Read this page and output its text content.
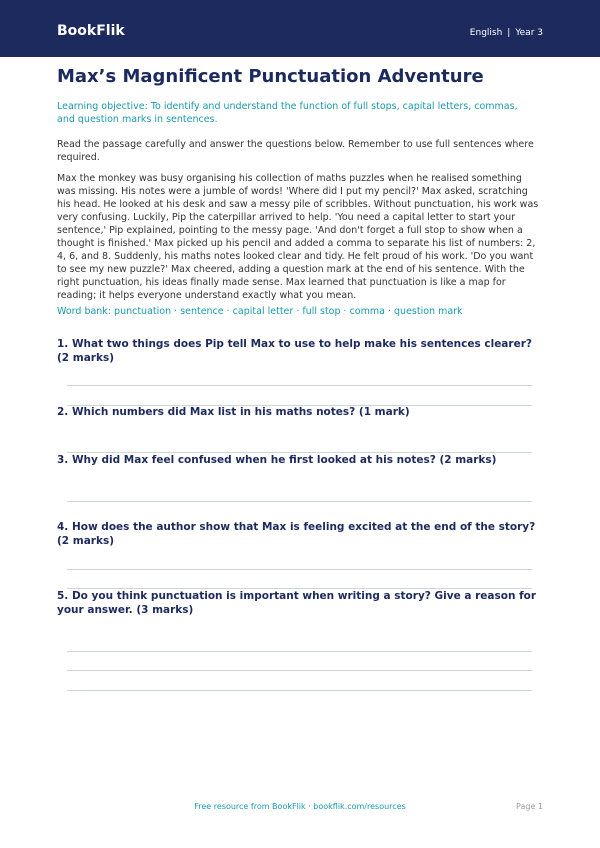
BookFlik	English | Year 3
Max’s Magnificent Punctuation Adventure
Learning objective: To identify and understand the function of full stops, capital letters, commas, and question marks in sentences.
Read the passage carefully and answer the questions below. Remember to use full sentences where required.
Max the monkey was busy organising his collection of maths puzzles when he realised something was missing. His notes were a jumble of words! 'Where did I put my pencil?' Max asked, scratching his head. He looked at his desk and saw a messy pile of scribbles. Without punctuation, his work was very confusing. Luckily, Pip the caterpillar arrived to help. 'You need a capital letter to start your sentence,' Pip explained, pointing to the messy page. 'And don't forget a full stop to show when a thought is finished.' Max picked up his pencil and added a comma to separate his list of numbers: 2, 4, 6, and 8. Suddenly, his maths notes looked clear and tidy. He felt proud of his work. 'Do you want to see my new puzzle?' Max cheered, adding a question mark at the end of his sentence. With the right punctuation, his ideas finally made sense. Max learned that punctuation is like a map for reading; it helps everyone understand exactly what you mean.
Word bank: punctuation · sentence · capital letter · full stop · comma · question mark
1. What two things does Pip tell Max to use to help make his sentences clearer? (2 marks)
2. Which numbers did Max list in his maths notes? (1 mark)
3. Why did Max feel confused when he first looked at his notes? (2 marks)
4. How does the author show that Max is feeling excited at the end of the story? (2 marks)
5. Do you think punctuation is important when writing a story? Give a reason for your answer. (3 marks)
Free resource from BookFlik · bookflik.com/resources	Page 1
